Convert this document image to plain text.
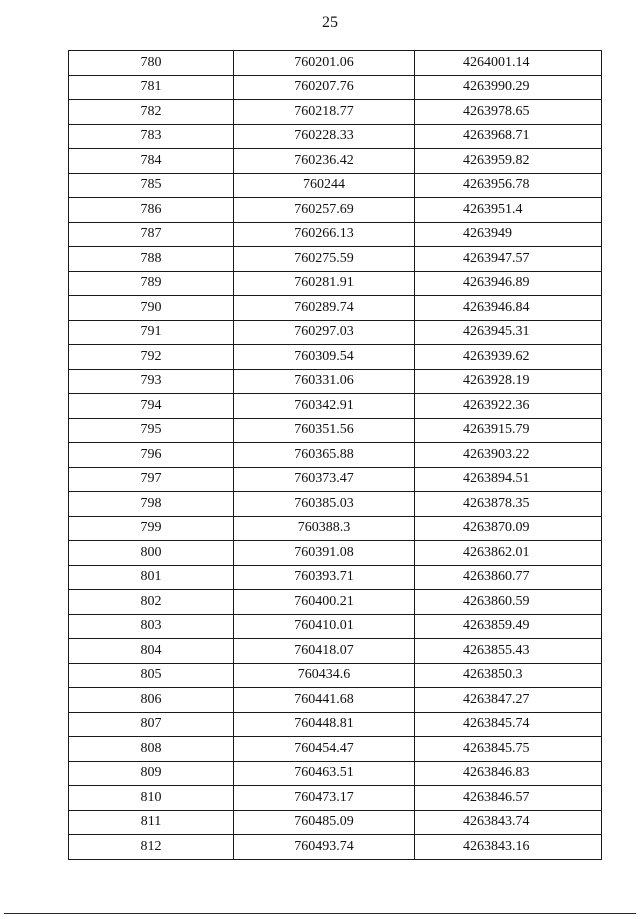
25
780	760201.06	4264001.14
781	760207.76	4263990.29
782	760218.77	4263978.65
783	760228.33	4263968.71
784	760236.42	4263959.82
785	760244	4263956.78
786	760257.69	4263951.4
787	760266.13	4263949
788	760275.59	4263947.57
789	760281.91	4263946.89
790	760289.74	4263946.84
791	760297.03	4263945.31
792	760309.54	4263939.62
793	760331.06	4263928.19
794	760342.91	4263922.36
795	760351.56	4263915.79
796	760365.88	4263903.22
797	760373.47	4263894.51
798	760385.03	4263878.35
799	760388.3	4263870.09
800	760391.08	4263862.01
801	760393.71	4263860.77
802	760400.21	4263860.59
803	760410.01	4263859.49
804	760418.07	4263855.43
805	760434.6	4263850.3
806	760441.68	4263847.27
807	760448.81	4263845.74
808	760454.47	4263845.75
809	760463.51	4263846.83
810	760473.17	4263846.57
811	760485.09	4263843.74
812	760493.74	4263843.16
